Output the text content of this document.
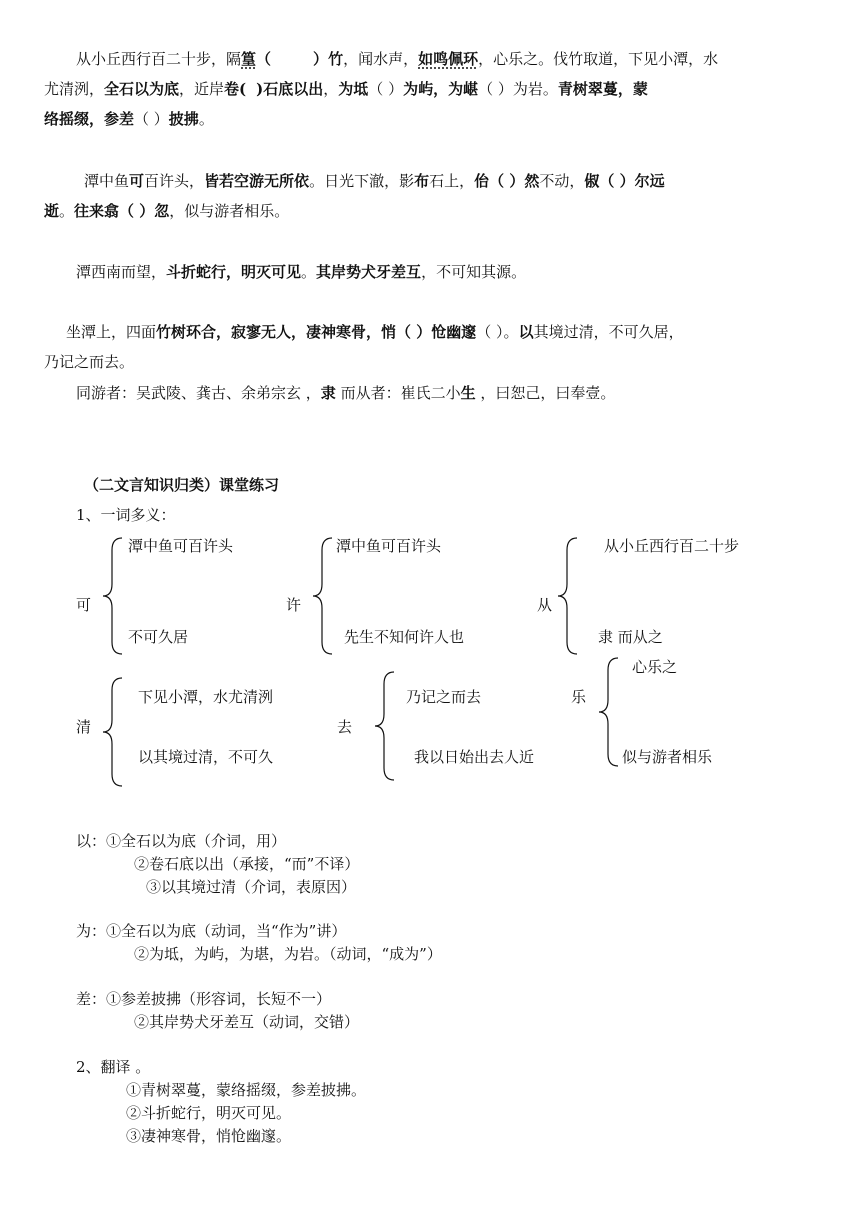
从小丘西行百二十步，隔篁（	）竹，闻水声，如鸣佩环，心乐之。伐竹取道，下见小潭，水
尤清洌，全石以为底，近岸卷( )石底以出，为坻（ ）为屿，为嵁（ ）为岩。青树翠蔓，蒙
络摇缀，参差（ ）披拂。
潭中鱼可百许头，皆若空游无所依。日光下澈，影布石上，佁（ ）然不动，俶（ ）尔远
逝。往来翕（ ）忽，似与游者相乐。
潭西南而望，斗折蛇行，明灭可见。其岸势犬牙差互，不可知其源。
坐潭上，四面竹树环合，寂寥无人，凄神寒骨，悄（ ）怆幽邃（ ）。以其境过清，不可久居，
乃记之而去。
同游者：吴武陵、龚古、余弟宗玄 ，隶 而从者：崔氏二小生 ，曰恕己，曰奉壹。
（二文言知识归类）课堂练习
1、一词多义：
可
潭中鱼可百许头
不可久居
许
潭中鱼可百许头
先生不知何许人也
从
从小丘西行百二十步
隶 而从之
清
下见小潭，水尤清洌
以其境过清，不可久
去
乃记之而去
我以日始出去人近
乐
心乐之
似与游者相乐
以：①全石以为底（介词，用）
②卷石底以出（承接，“而”不译）
③以其境过清（介词，表原因）
为：①全石以为底（动词，当“作为”讲）
②为坻，为屿，为堪，为岩。（动词，“成为”）
差：①参差披拂（形容词，长短不一）
②其岸势犬牙差互（动词，交错）
2、翻译 。
①青树翠蔓，蒙络摇缀，参差披拂。
②斗折蛇行，明灭可见。
③凄神寒骨，悄怆幽邃。
